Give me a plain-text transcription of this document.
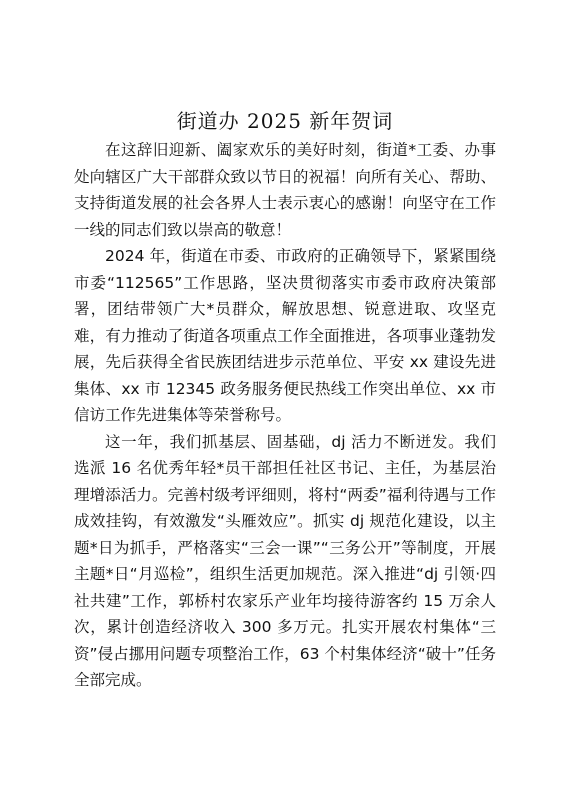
街道办 2025 新年贺词

在这辞旧迎新、阖家欢乐的美好时刻，街道*工委、办事处向辖区广大干部群众致以节日的祝福！向所有关心、帮助、支持街道发展的社会各界人士表示衷心的感谢！向坚守在工作一线的同志们致以崇高的敬意！

2024 年，街道在市委、市政府的正确领导下，紧紧围绕市委“112565”工作思路，坚决贯彻落实市委市政府决策部署，团结带领广大*员群众，解放思想、锐意进取、攻坚克难，有力推动了街道各项重点工作全面推进，各项事业蓬勃发展，先后获得全省民族团结进步示范单位、平安 xx 建设先进集体、xx 市 12345 政务服务便民热线工作突出单位、xx 市信访工作先进集体等荣誉称号。

这一年，我们抓基层、固基础，dj 活力不断迸发。我们选派 16 名优秀年轻*员干部担任社区书记、主任，为基层治理增添活力。完善村级考评细则，将村“两委”福利待遇与工作成效挂钩，有效激发“头雁效应”。抓实 dj 规范化建设，以主题*日为抓手，严格落实“三会一课”“三务公开”等制度，开展主题*日“月巡检”，组织生活更加规范。深入推进“dj 引领·四社共建”工作，郭桥村农家乐产业年均接待游客约 15 万余人次，累计创造经济收入 300 多万元。扎实开展农村集体“三资”侵占挪用问题专项整治工作，63 个村集体经济“破十”任务全部完成。
